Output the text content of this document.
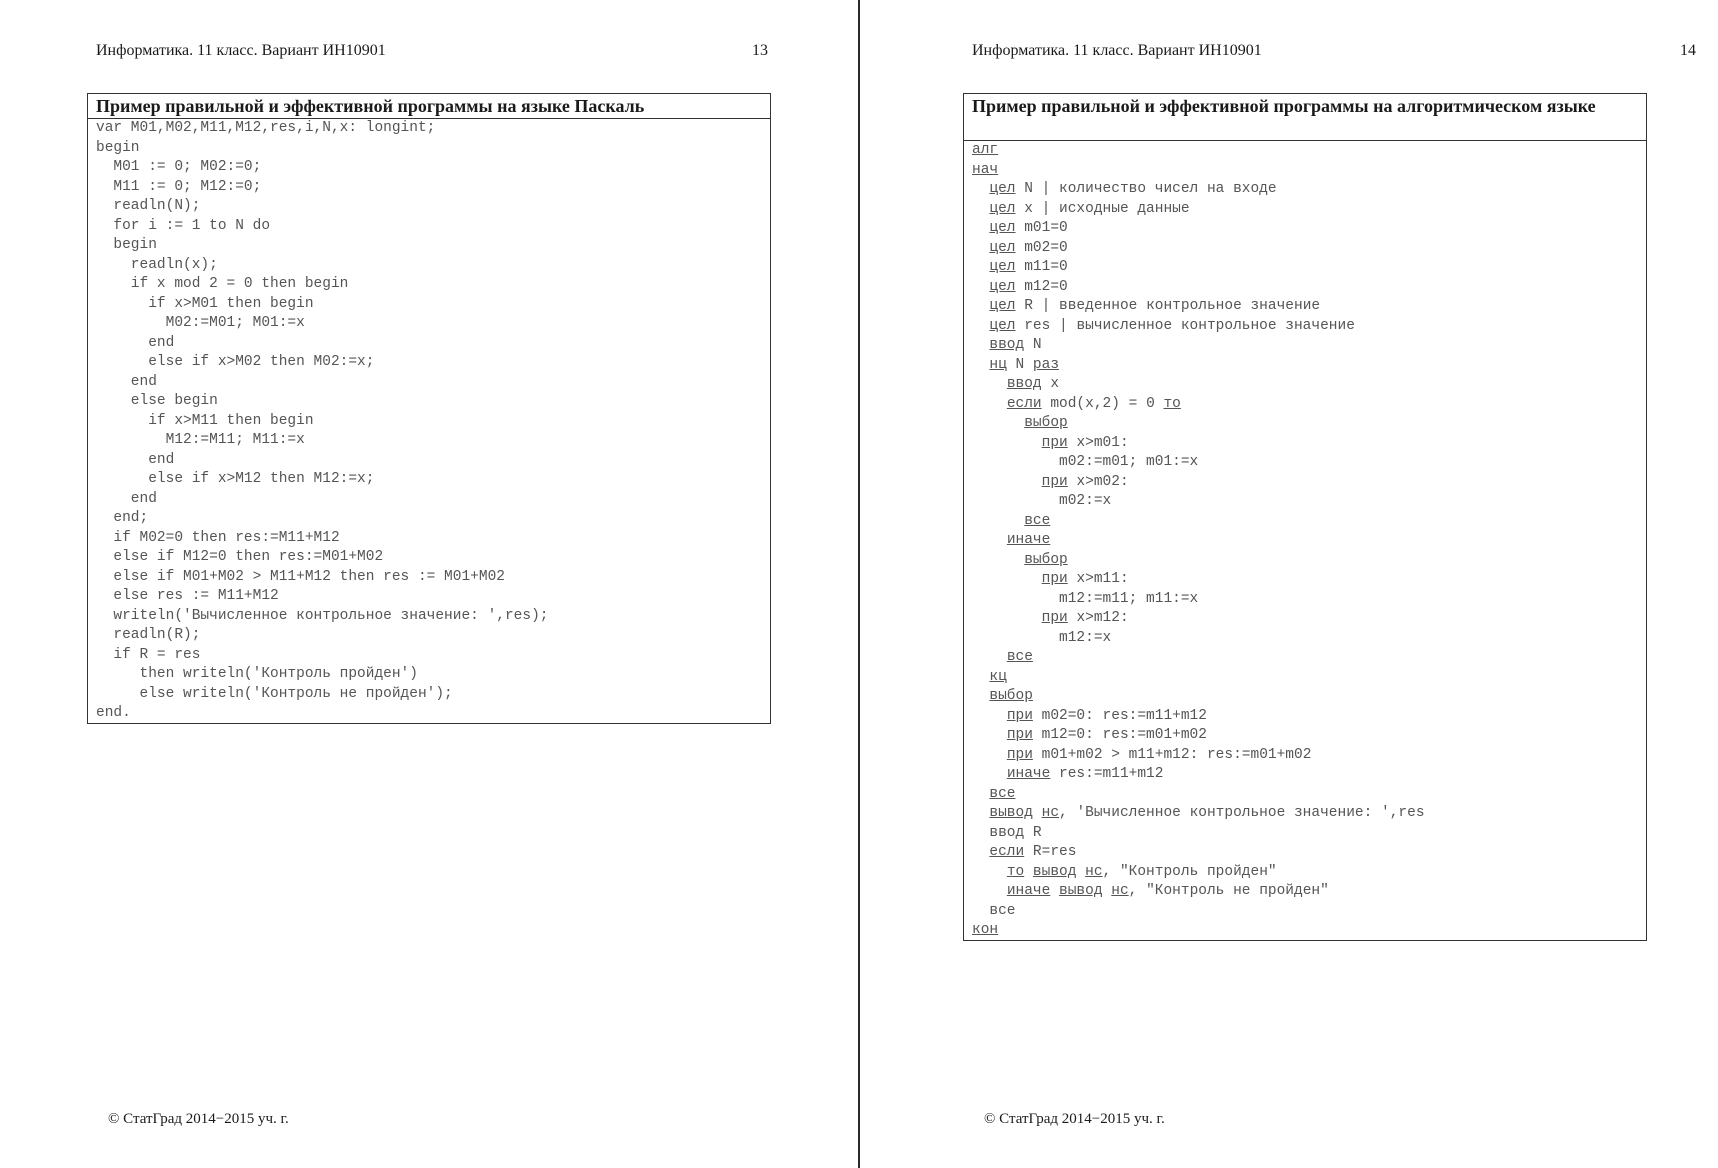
Информатика. 11 класс. Вариант ИН10901	13
Пример правильной и эффективной программы на языке Паскаль
var M01,M02,M11,M12,res,i,N,x: longint;
begin
M01 := 0; M02:=0;
M11 := 0; M12:=0;
readln(N);
for i := 1 to N do
begin
readln(x);
if x mod 2 = 0 then begin
if x>M01 then begin
M02:=M01; M01:=x
end
else if x>M02 then M02:=x;
end
else begin
if x>M11 then begin
M12:=M11; M11:=x
end
else if x>M12 then M12:=x;
end
end;
if M02=0 then res:=M11+M12
else if M12=0 then res:=M01+M02
else if M01+M02 > M11+M12 then res := M01+M02
else res := M11+M12
writeln('Вычисленное контрольное значение: ',res);
readln(R);
if R = res
then writeln('Контроль пройден')
else writeln('Контроль не пройден');
end.
© СтатГрад 2014−2015 уч. г.
Информатика. 11 класс. Вариант ИН10901	14
Пример правильной и эффективной программы на алгоритмическом языке
алг
нач
цел N | количество чисел на входе
цел x | исходные данные
цел m01=0
цел m02=0
цел m11=0
цел m12=0
цел R | введенное контрольное значение
цел res | вычисленное контрольное значение
ввод N
нц N раз
ввод x
если mod(x,2) = 0 то
выбор
при x>m01:
m02:=m01; m01:=x
при x>m02:
m02:=x
все
иначе
выбор
при x>m11:
m12:=m11; m11:=x
при x>m12:
m12:=x
все
кц
выбор
при m02=0: res:=m11+m12
при m12=0: res:=m01+m02
при m01+m02 > m11+m12: res:=m01+m02
иначе res:=m11+m12
все
вывод нс, 'Вычисленное контрольное значение: ',res
ввод R
если R=res
то вывод нс, "Контроль пройден"
иначе вывод нс, "Контроль не пройден"
все
кон
© СтатГрад 2014−2015 уч. г.
